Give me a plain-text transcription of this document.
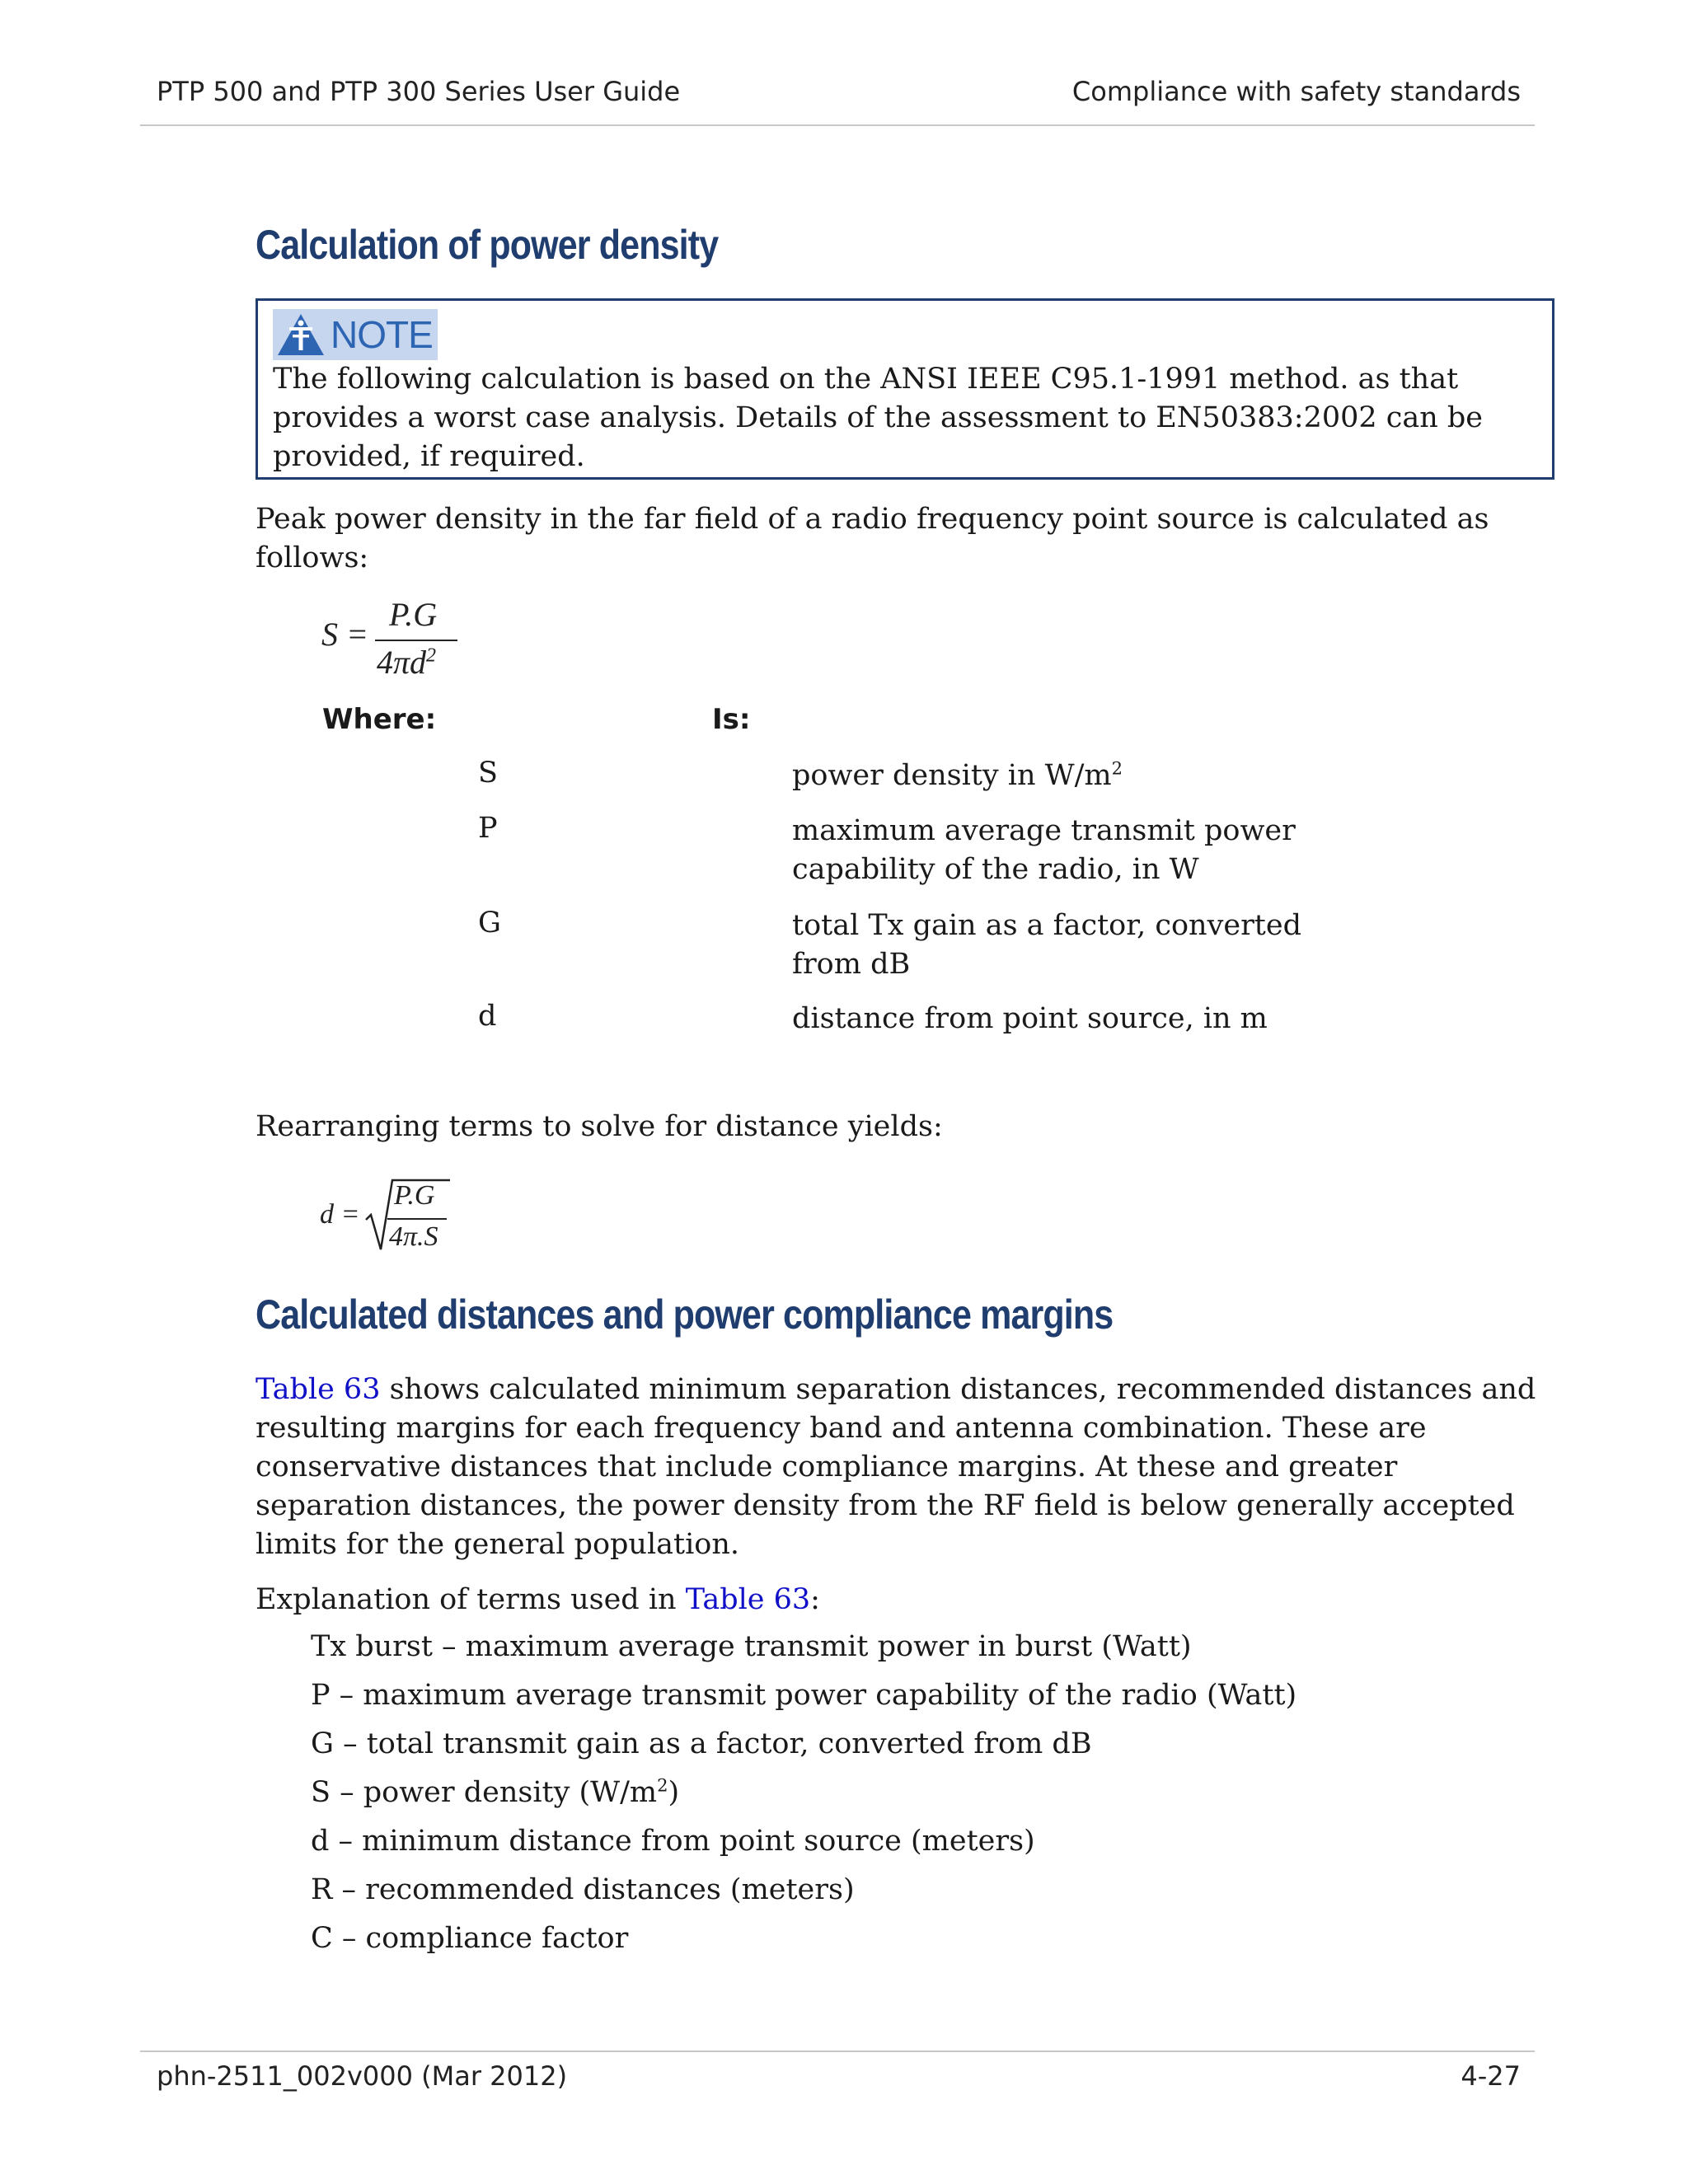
PTP 500 and PTP 300 Series User Guide	Compliance with safety standards
Calculation of power density
NOTE
The following calculation is based on the ANSI IEEE C95.1-1991 method. as that provides a worst case analysis. Details of the assessment to EN50383:2002 can be provided, if required.
Peak power density in the far field of a radio frequency point source is calculated as follows:
S =
P.G
$4\pi d^2$
Where:	Is:
S	power density in $W/m^2$
P	maximum average transmit power capability of the radio, in W
G	total Tx gain as a factor, converted from dB
d	distance from point source, in m
Rearranging terms to solve for distance yields:
d =
P.G
4π.S
Calculated distances and power compliance margins
Table 63 shows calculated minimum separation distances, recommended distances and resulting margins for each frequency band and antenna combination. These are conservative distances that include compliance margins. At these and greater separation distances, the power density from the RF field is below generally accepted limits for the general population.
Explanation of terms used in Table 63:
Tx burst – maximum average transmit power in burst (Watt)
P – maximum average transmit power capability of the radio (Watt)
G – total transmit gain as a factor, converted from dB
S – power density $(W/m^2)$
d – minimum distance from point source (meters)
R – recommended distances (meters)
C – compliance factor
phn-2511_002v000 (Mar 2012)	4-27
